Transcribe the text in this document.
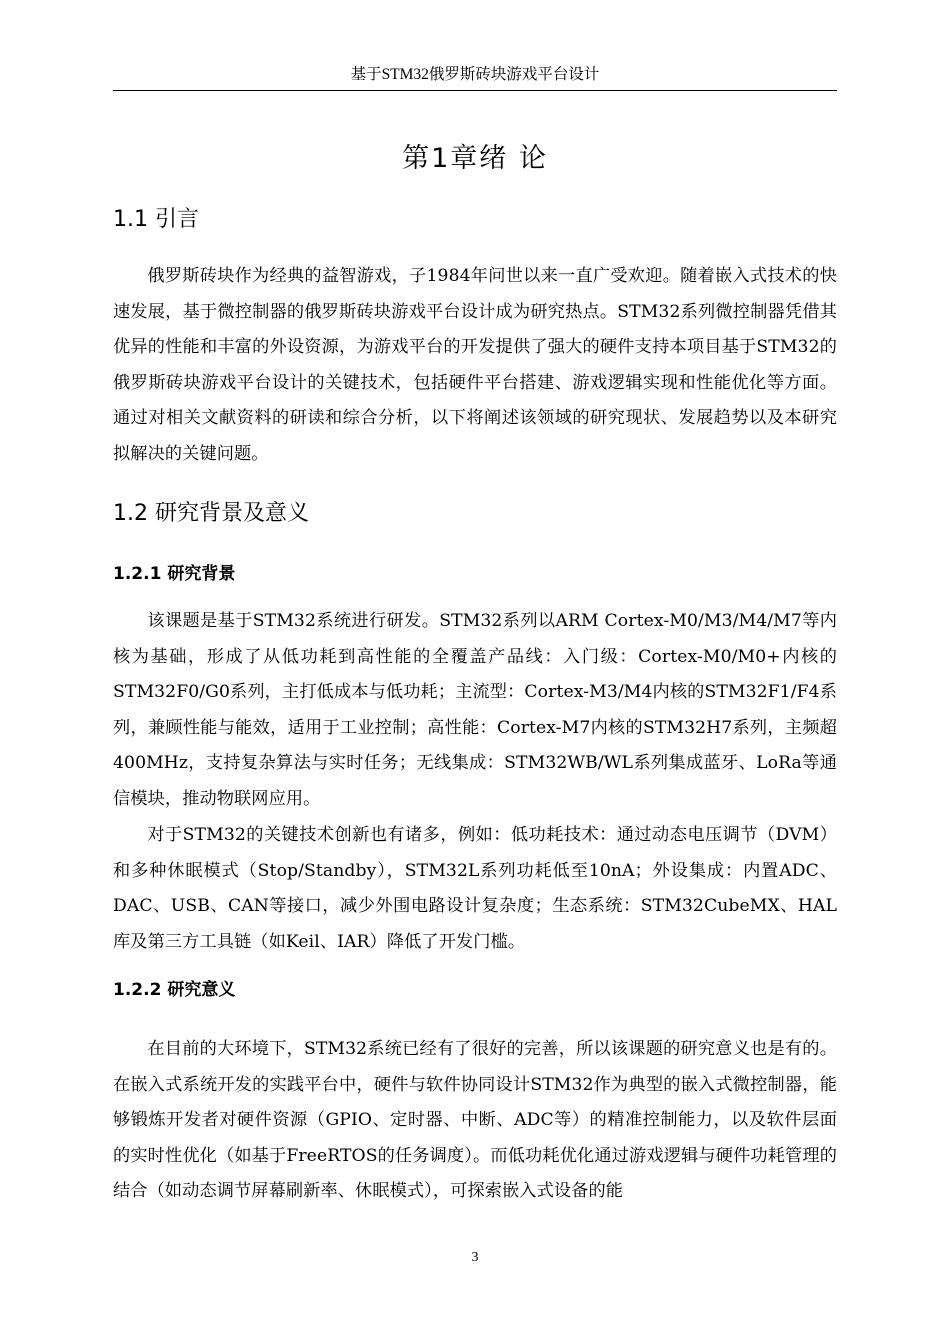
基于STM32俄罗斯砖块游戏平台设计
第1章绪 论
1.1 引言

俄罗斯砖块作为经典的益智游戏，子1984年问世以来一直广受欢迎。随着嵌入式技术的快速发展，基于微控制器的俄罗斯砖块游戏平台设计成为研究热点。STM32系列微控制器凭借其优异的性能和丰富的外设资源，为游戏平台的开发提供了强大的硬件支持本项目基于STM32的俄罗斯砖块游戏平台设计的关键技术，包括硬件平台搭建、游戏逻辑实现和性能优化等方面。通过对相关文献资料的研读和综合分析，以下将阐述该领域的研究现状、发展趋势以及本研究拟解决的关键问题。

1.2 研究背景及意义
1.2.1 研究背景

该课题是基于STM32系统进行研发。STM32系列以ARM Cortex-M0/M3/M4/M7等内核为基础，形成了从低功耗到高性能的全覆盖产品线：入门级：Cortex-M0/M0+内核的STM32F0/G0系列，主打低成本与低功耗；主流型：Cortex-M3/M4内核的STM32F1/F4系列，兼顾性能与能效，适用于工业控制；高性能：Cortex-M7内核的STM32H7系列，主频超400MHz，支持复杂算法与实时任务；无线集成：STM32WB/WL系列集成蓝牙、LoRa等通信模块，推动物联网应用。

对于STM32的关键技术创新也有诸多，例如：低功耗技术：通过动态电压调节（DVM）和多种休眠模式（Stop/Standby），STM32L系列功耗低至10nA；外设集成：内置ADC、DAC、USB、CAN等接口，减少外围电路设计复杂度；生态系统：STM32CubeMX、HAL库及第三方工具链（如Keil、IAR）降低了开发门槛。

1.2.2 研究意义

在目前的大环境下，STM32系统已经有了很好的完善，所以该课题的研究意义也是有的。在嵌入式系统开发的实践平台中，硬件与软件协同设计STM32作为典型的嵌入式微控制器，能够锻炼开发者对硬件资源（GPIO、定时器、中断、ADC等）的精准控制能力，以及软件层面的实时性优化（如基于FreeRTOS的任务调度）。而低功耗优化通过游戏逻辑与硬件功耗管理的结合（如动态调节屏幕刷新率、休眠模式），可探索嵌入式设备的能

3
